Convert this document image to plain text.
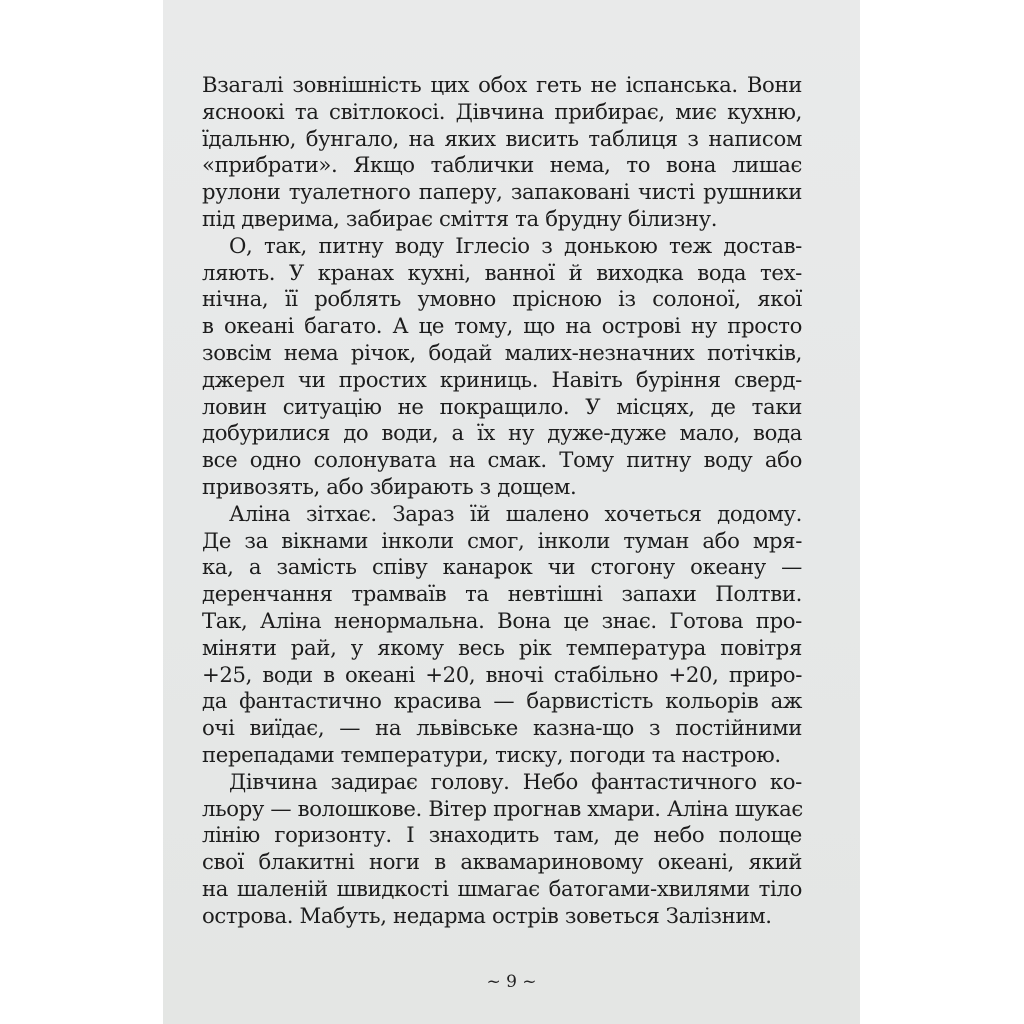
Взагалі зовнішність цих обох геть не іспанська. Вони
ясноокі та світлокосі. Дівчина прибирає, миє кухню,
їдальню, бунгало, на яких висить таблиця з написом
«прибрати». Якщо таблички нема, то вона лишає
рулони туалетного паперу, запаковані чисті рушники
під дверима, забирає сміття та брудну білизну.
О, так, питну воду Іглесіо з донькою теж достав-
ляють. У кранах кухні, ванної й виходка вода тех-
нічна, її роблять умовно прісною із солоної, якої
в океані багато. А це тому, що на острові ну просто
зовсім нема річок, бодай малих-незначних потічків,
джерел чи простих криниць. Навіть буріння сверд-
ловин ситуацію не покращило. У місцях, де таки
добурилися до води, а їх ну дуже-дуже мало, вода
все одно солонувата на смак. Тому питну воду або
привозять, або збирають з дощем.
Аліна зітхає. Зараз їй шалено хочеться додому.
Де за вікнами інколи смог, інколи туман або мря-
ка, а замість співу канарок чи стогону океану —
деренчання трамваїв та невтішні запахи Полтви.
Так, Аліна ненормальна. Вона це знає. Готова про-
міняти рай, у якому весь рік температура повітря
+25, води в океані +20, вночі стабільно +20, приро-
да фантастично красива — барвистість кольорів аж
очі виїдає, — на львівське казна-що з постійними
перепадами температури, тиску, погоди та настрою.
Дівчина задирає голову. Небо фантастичного ко-
льору — волошкове. Вітер прогнав хмари. Аліна шукає
лінію горизонту. І знаходить там, де небо полоще
свої блакитні ноги в аквамариновому океані, який
на шаленій швидкості шмагає батогами-хвилями тіло
острова. Мабуть, недарма острів зоветься Залізним.
~ 9 ~
